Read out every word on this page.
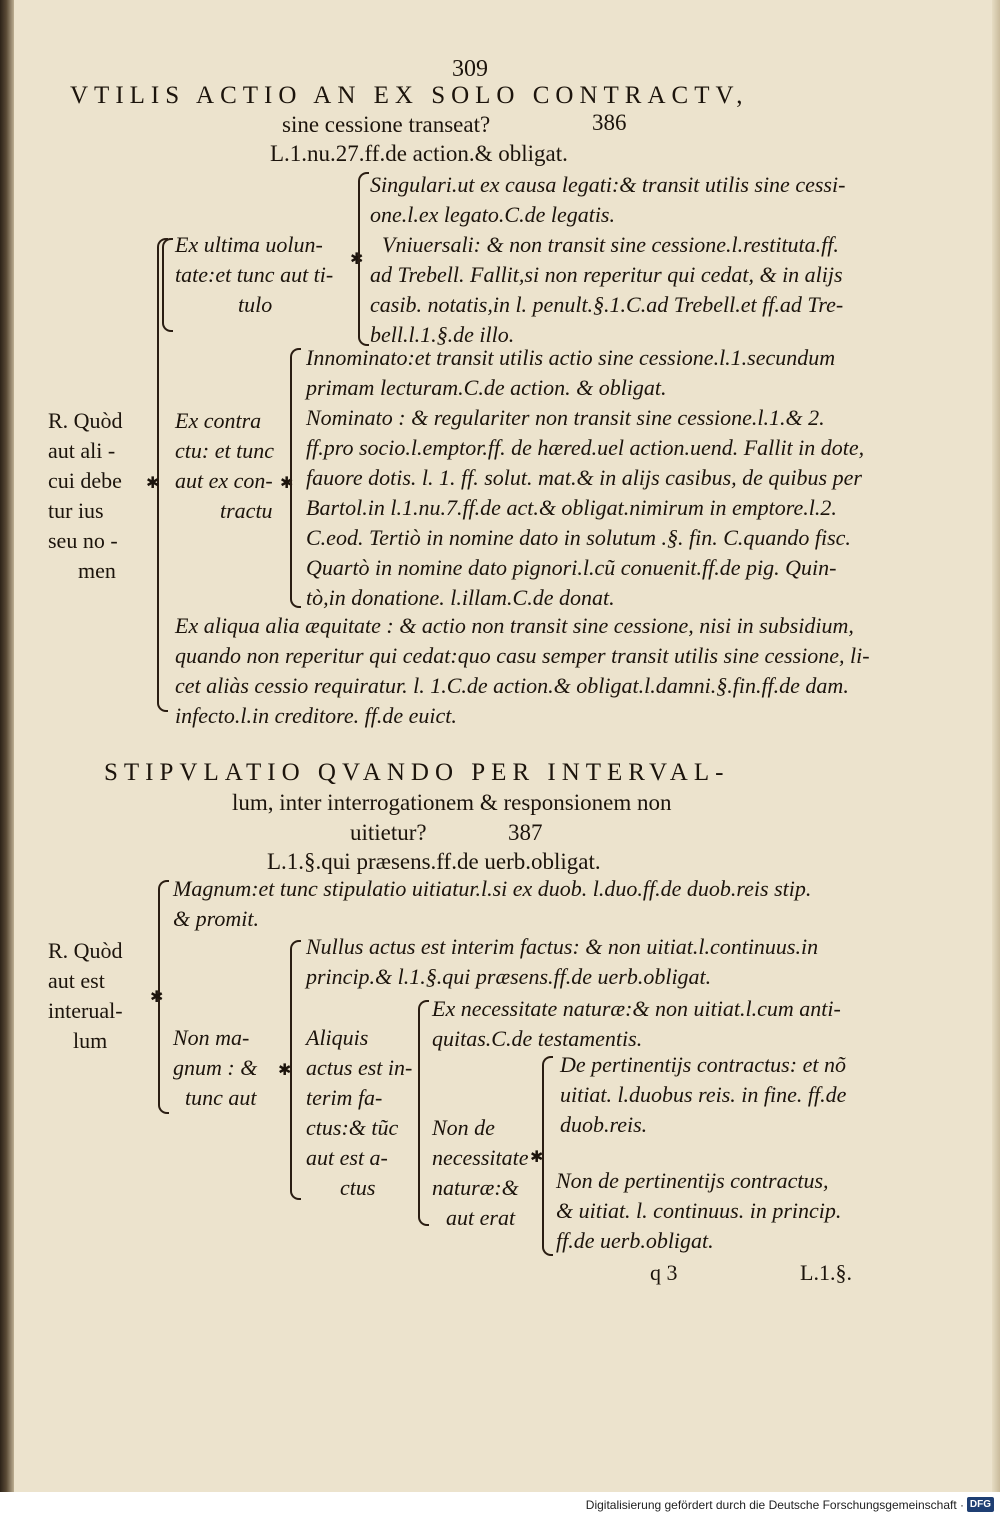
309
VTILIS ACTIO AN EX SOLO CONTRACTV,
sine cessione transeat?	386
L.1.nu.27.ff.de action.& obligat.
✱
R. Quòd
aut ali -
cui debe
tur ius
seu no -
men
Ex ultima uolun-
tate:et tunc aut ti-
tulo
✱
Singulari.ut ex causa legati:& transit utilis sine cessi-
one.l.ex legato.C.de legatis.
Vniuersali: & non transit sine cessione.l.restituta.ff.
ad Trebell. Fallit,si non reperitur qui cedat, & in alijs
casib. notatis,in l. penult.§.1.C.ad Trebell.et ff.ad Tre-
bell.l.1.§.de illo.
Ex contra
ctu: et tunc
aut ex con-
tractu
✱
Innominato:et transit utilis actio sine cessione.l.1.secundum
primam lecturam.C.de action. & obligat.
Nominato : & regulariter non transit sine cessione.l.1.& 2.
ff.pro socio.l.emptor.ff. de hæred.uel action.uend. Fallit in dote,
fauore dotis. l. 1. ff. solut. mat.& in alijs casibus, de quibus per
Bartol.in l.1.nu.7.ff.de act.& obligat.nimirum in emptore.l.2.
C.eod. Tertiò in nomine dato in solutum .§. fin. C.quando fisc.
Quartò in nomine dato pignori.l.cũ conuenit.ff.de pig. Quin-
tò,in donatione. l.illam.C.de donat.
Ex aliqua alia æquitate : & actio non transit sine cessione, nisi in subsidium,
quando non reperitur qui cedat:quo casu semper transit utilis sine cessione, li-
cet aliàs cessio requiratur. l. 1.C.de action.& obligat.l.damni.§.fin.ff.de dam.
infecto.l.in creditore. ff.de euict.
STIPVLATIO QVANDO PER INTERVAL-
lum, inter interrogationem & responsionem non
uitietur?	387
L.1.§.qui præsens.ff.de uerb.obligat.
✱
R. Quòd
aut est
interual-
lum
Magnum:et tunc stipulatio uitiatur.l.si ex duob. l.duo.ff.de duob.reis stip.
& promit.
Non ma-
gnum : &
tunc aut
✱
Nullus actus est interim factus: & non uitiat.l.continuus.in
princip.& l.1.§.qui præsens.ff.de uerb.obligat.
Aliquis
actus est in-
terim fa-
ctus:& tũc
aut est a-
ctus
Ex necessitate naturæ:& non uitiat.l.cum anti-
quitas.C.de testamentis.
Non de
necessitate
naturæ:&
aut erat
✱
De pertinentijs contractus: et nõ
uitiat. l.duobus reis. in fine. ff.de
duob.reis.
Non de pertinentijs contractus,
& uitiat. l. continuus. in princip.
ff.de uerb.obligat.
q 3	L.1.§.
Digitalisierung gefördert durch die Deutsche Forschungsgemeinschaft · DFG
